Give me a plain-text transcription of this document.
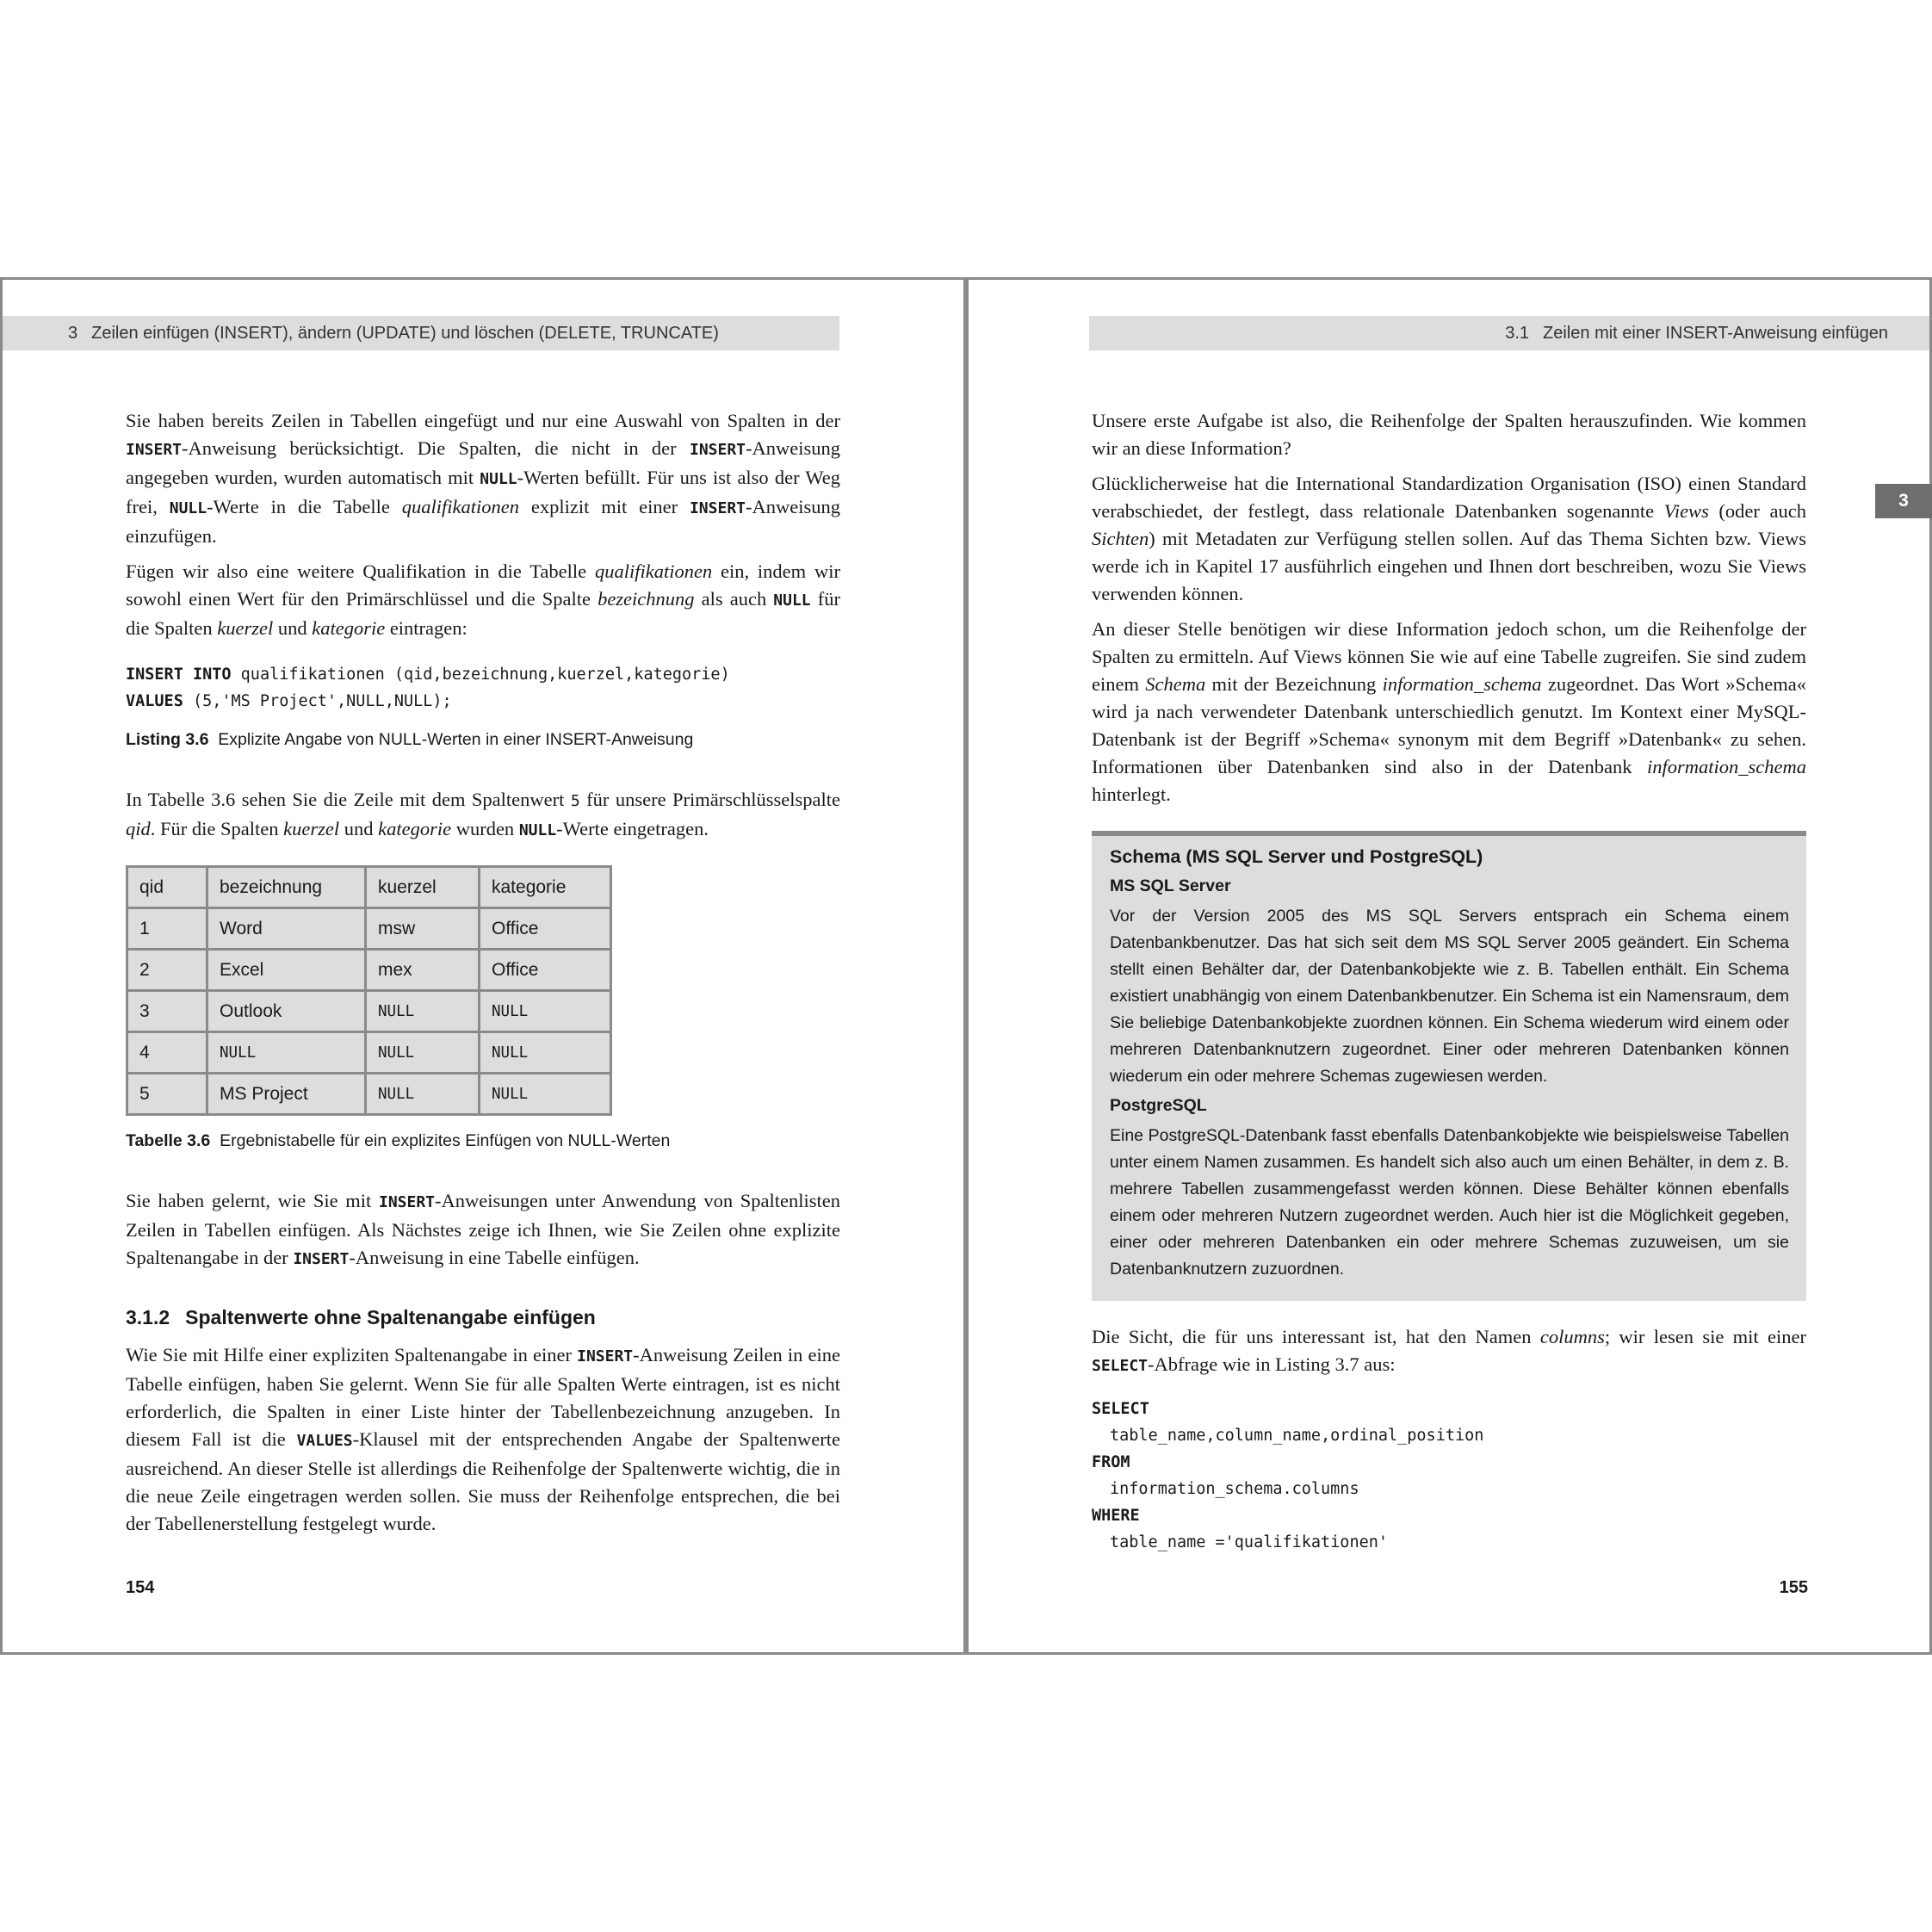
3 Zeilen einfügen (INSERT), ändern (UPDATE) und löschen (DELETE, TRUNCATE)

Sie haben bereits Zeilen in Tabellen eingefügt und nur eine Auswahl von Spalten in der INSERT-Anweisung berücksichtigt. Die Spalten, die nicht in der INSERT-Anweisung angegeben wurden, wurden automatisch mit NULL-Werten befüllt. Für uns ist also der Weg frei, NULL-Werte in die Tabelle qualifikationen explizit mit einer INSERT-Anweisung einzufügen.

Fügen wir also eine weitere Qualifikation in die Tabelle qualifikationen ein, indem wir sowohl einen Wert für den Primärschlüssel und die Spalte bezeichnung als auch NULL für die Spalten kuerzel und kategorie eintragen:

INSERT INTO qualifikationen (qid,bezeichnung,kuerzel,kategorie)
VALUES (5,'MS Project',NULL,NULL);
Listing 3.6 Explizite Angabe von NULL-Werten in einer INSERT-Anweisung

In Tabelle 3.6 sehen Sie die Zeile mit dem Spaltenwert 5 für unsere Primärschlüsselspalte qid. Für die Spalten kuerzel und kategorie wurden NULL-Werte eingetragen.

qid	bezeichnung	kuerzel	kategorie
1	Word	msw	Office
2	Excel	mex	Office
3	Outlook	NULL	NULL
4	NULL	NULL	NULL
5	MS Project	NULL	NULL
Tabelle 3.6 Ergebnistabelle für ein explizites Einfügen von NULL-Werten

Sie haben gelernt, wie Sie mit INSERT-Anweisungen unter Anwendung von Spaltenlisten Zeilen in Tabellen einfügen. Als Nächstes zeige ich Ihnen, wie Sie Zeilen ohne explizite Spaltenangabe in der INSERT-Anweisung in eine Tabelle einfügen.

3.1.2 Spaltenwerte ohne Spaltenangabe einfügen

Wie Sie mit Hilfe einer expliziten Spaltenangabe in einer INSERT-Anweisung Zeilen in eine Tabelle einfügen, haben Sie gelernt. Wenn Sie für alle Spalten Werte eintragen, ist es nicht erforderlich, die Spalten in einer Liste hinter der Tabellenbezeichnung anzugeben. In diesem Fall ist die VALUES-Klausel mit der entsprechenden Angabe der Spaltenwerte ausreichend. An dieser Stelle ist allerdings die Reihenfolge der Spaltenwerte wichtig, die in die neue Zeile eingetragen werden sollen. Sie muss der Reihenfolge entsprechen, die bei der Tabellenerstellung festgelegt wurde.

154
3.1 Zeilen mit einer INSERT-Anweisung einfügen

Unsere erste Aufgabe ist also, die Reihenfolge der Spalten herauszufinden. Wie kommen wir an diese Information?

Glücklicherweise hat die International Standardization Organisation (ISO) einen Standard verabschiedet, der festlegt, dass relationale Datenbanken sogenannte Views (oder auch Sichten) mit Metadaten zur Verfügung stellen sollen. Auf das Thema Sichten bzw. Views werde ich in Kapitel 17 ausführlich eingehen und Ihnen dort beschreiben, wozu Sie Views verwenden können.

An dieser Stelle benötigen wir diese Information jedoch schon, um die Reihenfolge der Spalten zu ermitteln. Auf Views können Sie wie auf eine Tabelle zugreifen. Sie sind zudem einem Schema mit der Bezeichnung information_schema zugeordnet. Das Wort »Schema« wird ja nach verwendeter Datenbank unterschiedlich genutzt. Im Kontext einer MySQL-Datenbank ist der Begriff »Schema« synonym mit dem Begriff »Datenbank« zu sehen. Informationen über Datenbanken sind also in der Datenbank information_schema hinterlegt.

Schema (MS SQL Server und PostgreSQL)
MS SQL Server

Vor der Version 2005 des MS SQL Servers entsprach ein Schema einem Datenbankbenutzer. Das hat sich seit dem MS SQL Server 2005 geändert. Ein Schema stellt einen Behälter dar, der Datenbankobjekte wie z. B. Tabellen enthält. Ein Schema existiert unabhängig von einem Datenbankbenutzer. Ein Schema ist ein Namensraum, dem Sie beliebige Datenbankobjekte zuordnen können. Ein Schema wiederum wird einem oder mehreren Datenbanknutzern zugeordnet. Einer oder mehreren Datenbanken können wiederum ein oder mehrere Schemas zugewiesen werden.

PostgreSQL

Eine PostgreSQL-Datenbank fasst ebenfalls Datenbankobjekte wie beispielsweise Tabellen unter einem Namen zusammen. Es handelt sich also auch um einen Behälter, in dem z. B. mehrere Tabellen zusammengefasst werden können. Diese Behälter können ebenfalls einem oder mehreren Nutzern zugeordnet werden. Auch hier ist die Möglichkeit gegeben, einer oder mehreren Datenbanken ein oder mehrere Schemas zuzuweisen, um sie Datenbanknutzern zuzuordnen.

Die Sicht, die für uns interessant ist, hat den Namen columns; wir lesen sie mit einer SELECT-Abfrage wie in Listing 3.7 aus:

SELECT
table_name,column_name,ordinal_position
FROM
information_schema.columns
WHERE
table_name ='qualifikationen'
155
3
